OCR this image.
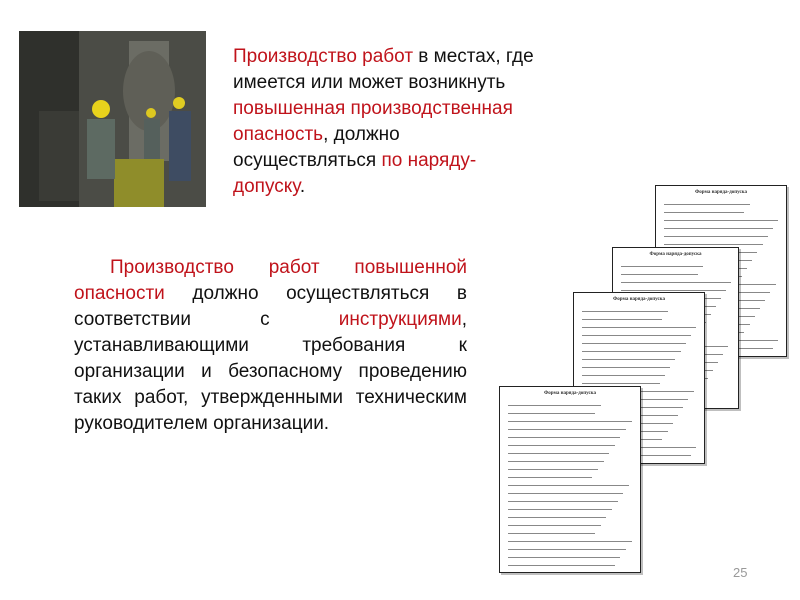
Производство работ в местах, где имеется или может возникнуть повышенная производственная опасность, должно осуществляться по наряду-допуску.
Производство работ повышенной опасности должно осуществляться в соответствии с инструкциями, устанавливающими требования к организации и безопасному проведению таких работ, утвержденными техническим руководителем организации.
Форма наряда-допуска
Форма наряда-допуска
Форма наряда-допуска
Форма наряда-допуска
25
